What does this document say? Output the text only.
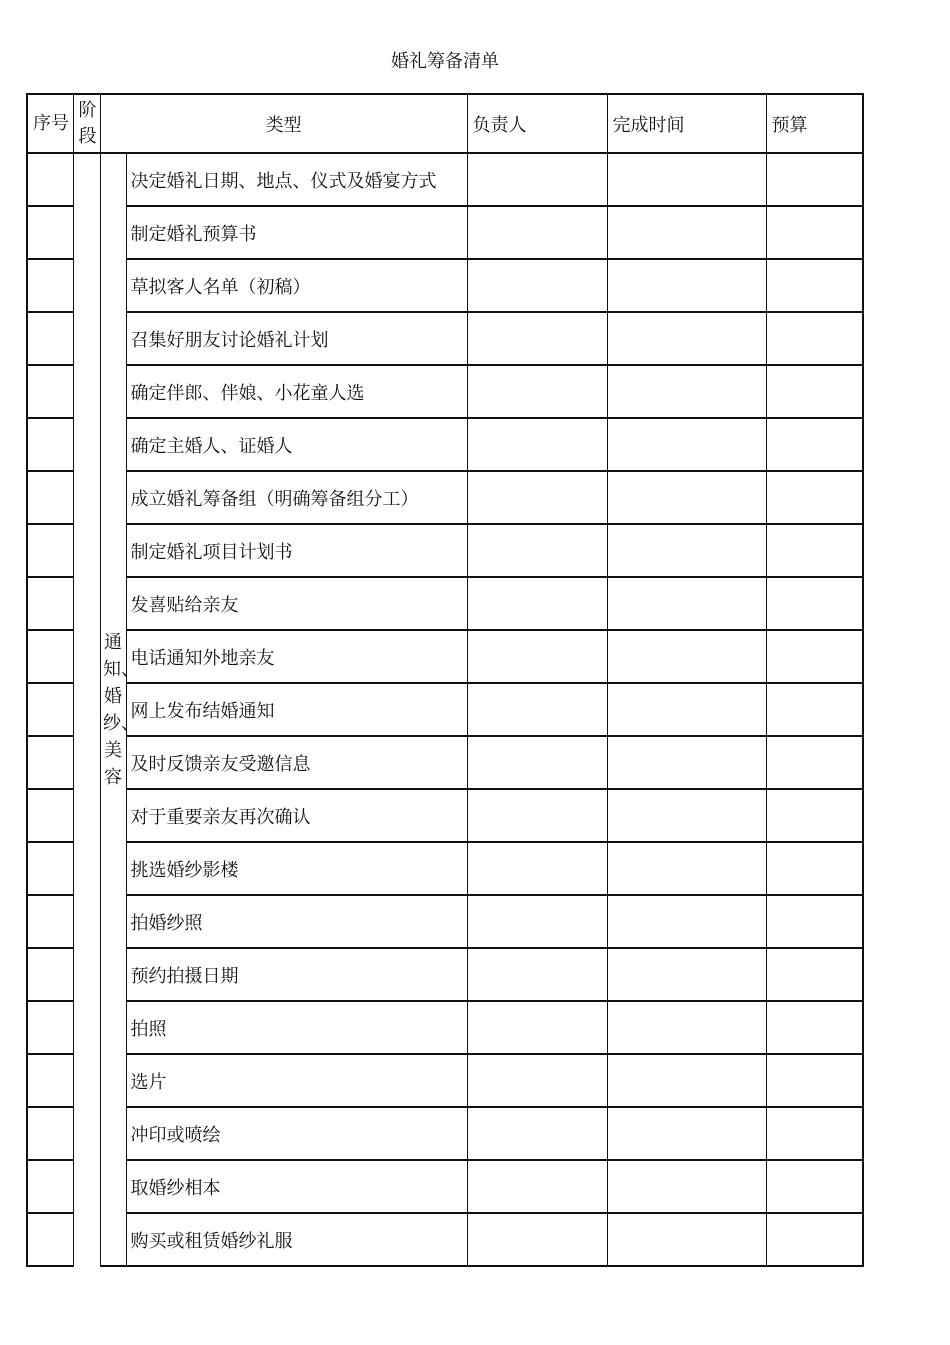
婚礼筹备清单
序号	阶段	类型		负责人	完成时间	预算
		通知、婚纱、美容	决定婚礼日期、地点、仪式及婚宴方式			
			制定婚礼预算书			
			草拟客人名单（初稿）			
			召集好朋友讨论婚礼计划			
			确定伴郎、伴娘、小花童人选			
			确定主婚人、证婚人			
			成立婚礼筹备组（明确筹备组分工）			
			制定婚礼项目计划书			
			发喜贴给亲友			
			电话通知外地亲友			
			网上发布结婚通知			
			及时反馈亲友受邀信息			
			对于重要亲友再次确认			
			挑选婚纱影楼			
			拍婚纱照			
			预约拍摄日期			
			拍照			
			选片			
			冲印或喷绘			
			取婚纱相本			
			购买或租赁婚纱礼服			
